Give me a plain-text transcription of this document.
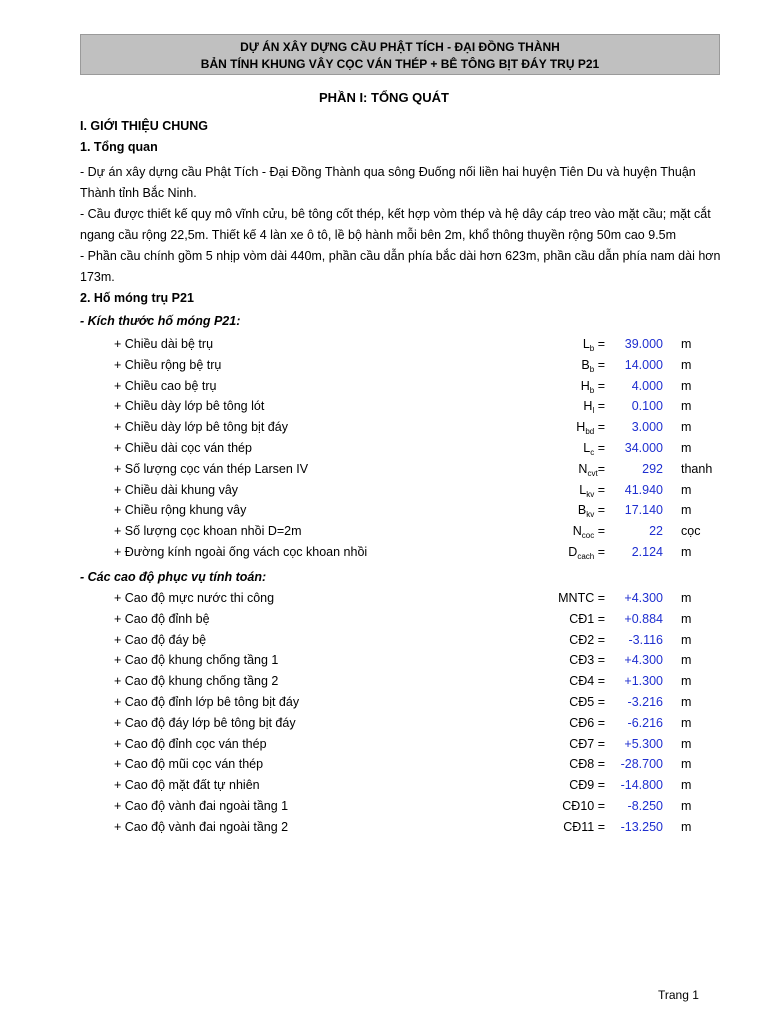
DỰ ÁN XÂY DỰNG CẦU PHẬT TÍCH - ĐẠI ĐỒNG THÀNH
BẢN TÍNH KHUNG VÂY CỌC VÁN THÉP + BÊ TÔNG BỊT ĐÁY TRỤ P21
PHẦN I: TỔNG QUÁT
I. GIỚI THIỆU CHUNG
1. Tổng quan
- Dự án xây dựng cầu Phật Tích - Đại Đồng Thành qua sông Đuống nối liền hai huyện Tiên Du và huyện Thuận Thành tỉnh Bắc Ninh.
- Cầu được thiết kế quy mô vĩnh cửu, bê tông cốt thép, kết hợp vòm thép và hệ dây cáp treo vào mặt cầu; mặt cắt ngang cầu rộng 22,5m. Thiết kế 4 làn xe ô tô, lề bộ hành mỗi bên 2m, khổ thông thuyền rộng 50m cao 9.5m
- Phần cầu chính gồm 5 nhịp vòm dài 440m, phần cầu dẫn phía bắc dài hơn 623m, phần cầu dẫn phía nam dài hơn 173m.
2. Hố móng trụ P21
- Kích thước hố móng P21:
+ Chiều dài bệ trụ	$L_b = 39.000$ m
+ Chiều rộng bệ trụ	$B_b = 14.000$ m
+ Chiều cao bệ trụ	$H_b = 4.000$ m
+ Chiều dày lớp bê tông lót	$H_l = 0.100$ m
+ Chiều dày lớp bê tông bịt đáy	$H_{bd} = 3.000$ m
+ Chiều dài cọc ván thép	$L_c = 34.000$ m
+ Số lượng cọc ván thép Larsen IV	$N_{cvt}=$	292 thanh
+ Chiều dài khung vây	$L_{kv} = 41.940$ m
+ Chiều rộng khung vây	$B_{kv} = 17.140$ m
+ Số lượng cọc khoan nhồi D=2m	$N_{coc}$ =	22 cọc
+ Đường kính ngoài ống vách cọc khoan nhồi	$D_{cach} = 2.124$ m
- Các cao độ phục vụ tính toán:
+ Cao độ mực nước thi công	MNTC = +4.300 m
+ Cao độ đỉnh bệ	CĐ1 = +0.884 m
+ Cao độ đáy bệ	CĐ2 = -3.116 m
+ Cao độ khung chống tầng 1	CĐ3 = +4.300 m
+ Cao độ khung chống tầng 2	CĐ4 = +1.300 m
+ Cao độ đỉnh lớp bê tông bịt đáy	CĐ5 = -3.216 m
+ Cao độ đáy lớp bê tông bịt đáy	CĐ6 = -6.216 m
+ Cao độ đỉnh cọc ván thép	CĐ7 = +5.300 m
+ Cao độ mũi cọc ván thép	CĐ8 = -28.700 m
+ Cao độ mặt đất tự nhiên	CĐ9 = -14.800 m
+ Cao độ vành đai ngoài tầng 1	CĐ10 = -8.250 m
+ Cao độ vành đai ngoài tầng 2	CĐ11 = -13.250 m
Trang 1
